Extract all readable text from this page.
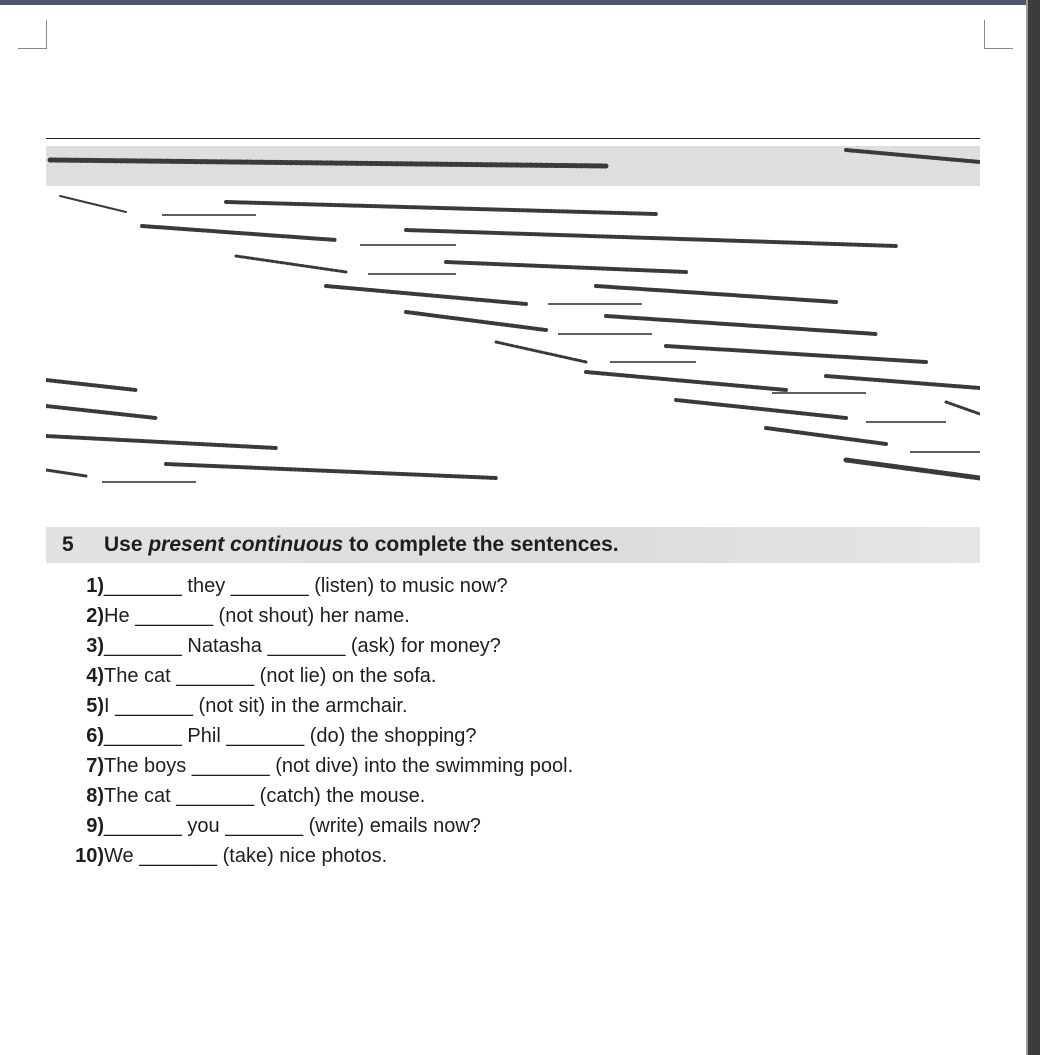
5 Use present continuous to complete the sentences.
1) _______ they _______ (listen) to music now?
2) He _______ (not shout) her name.
3) _______ Natasha _______ (ask) for money?
4) The cat _______ (not lie) on the sofa.
5) I _______ (not sit) in the armchair.
6) _______ Phil _______ (do) the shopping?
7) The boys _______ (not dive) into the swimming pool.
8) The cat _______ (catch) the mouse.
9) _______ you _______ (write) emails now?
10) We _______ (take) nice photos.
